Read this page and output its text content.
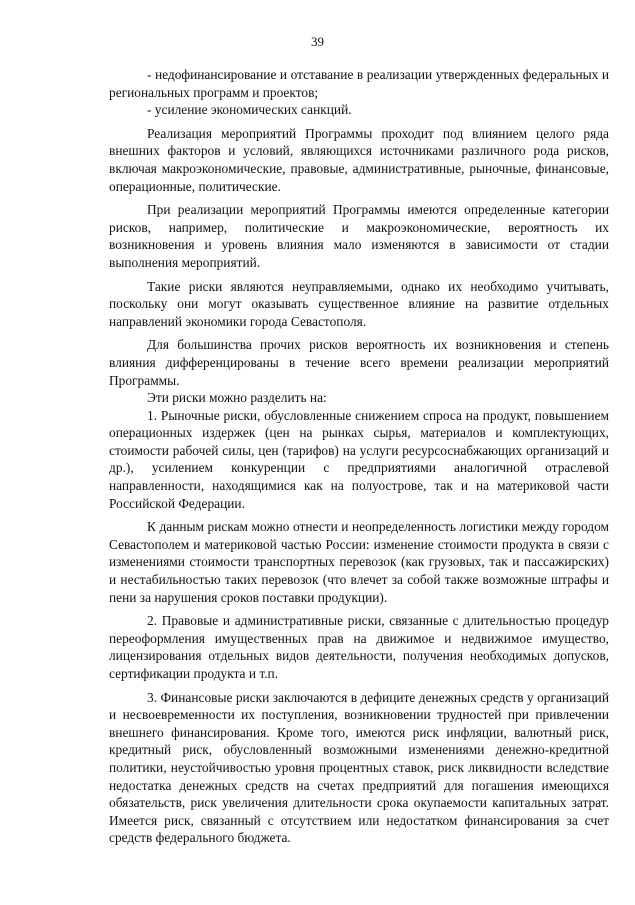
39

- недофинансирование и отставание в реализации утвержденных федеральных и региональных программ и проектов;

- усиление экономических санкций.

Реализация мероприятий Программы проходит под влиянием целого ряда внешних факторов и условий, являющихся источниками различного рода рисков, включая макроэкономические, правовые, административные, рыночные, финансовые, операционные, политические.

При реализации мероприятий Программы имеются определенные категории рисков, например, политические и макроэкономические, вероятность их возникновения и уровень влияния мало изменяются в зависимости от стадии выполнения мероприятий.

Такие риски являются неуправляемыми, однако их необходимо учитывать, поскольку они могут оказывать существенное влияние на развитие отдельных направлений экономики города Севастополя.

Для большинства прочих рисков вероятность их возникновения и степень влияния дифференцированы в течение всего времени реализации мероприятий Программы.

Эти риски можно разделить на:

1. Рыночные риски, обусловленные снижением спроса на продукт, повышением операционных издержек (цен на рынках сырья, материалов и комплектующих, стоимости рабочей силы, цен (тарифов) на услуги ресурсоснабжающих организаций и др.), усилением конкуренции с предприятиями аналогичной отраслевой направленности, находящимися как на полуострове, так и на материковой части Российской Федерации.

К данным рискам можно отнести и неопределенность логистики между городом Севастополем и материковой частью России: изменение стоимости продукта в связи с изменениями стоимости транспортных перевозок (как грузовых, так и пассажирских) и нестабильностью таких перевозок (что влечет за собой также возможные штрафы и пени за нарушения сроков поставки продукции).

2. Правовые и административные риски, связанные с длительностью процедур переоформления имущественных прав на движимое и недвижимое имущество, лицензирования отдельных видов деятельности, получения необходимых допусков, сертификации продукта и т.п.

3. Финансовые риски заключаются в дефиците денежных средств у организаций и несвоевременности их поступления, возникновении трудностей при привлечении внешнего финансирования. Кроме того, имеются риск инфляции, валютный риск, кредитный риск, обусловленный возможными изменениями денежно-кредитной политики, неустойчивостью уровня процентных ставок, риск ликвидности вследствие недостатка денежных средств на счетах предприятий для погашения имеющихся обязательств, риск увеличения длительности срока окупаемости капитальных затрат. Имеется риск, связанный с отсутствием или недостатком финансирования за счет средств федерального бюджета.
